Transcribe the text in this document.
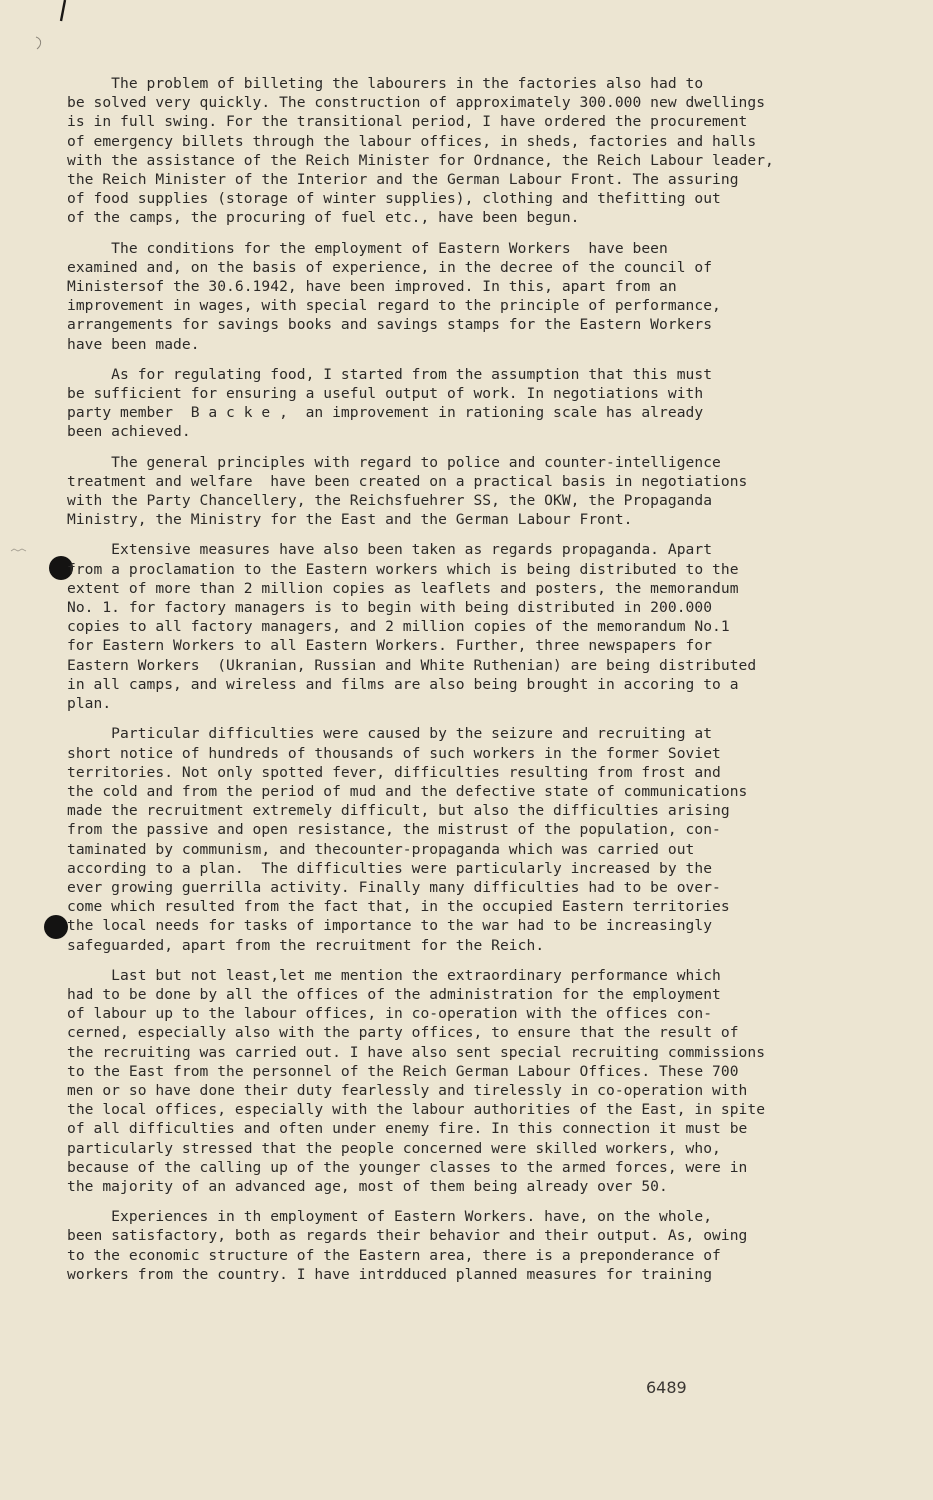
The problem of billeting the labourers in the factories also had to
be solved very quickly. The construction of approximately 300.000 new dwellings
is in full swing. For the transitional period, I have ordered the procurement
of emergency billets through the labour offices, in sheds, factories and halls
with the assistance of the Reich Minister for Ordnance, the Reich Labour leader,
the Reich Minister of the Interior and the German Labour Front. The assuring
of food supplies (storage of winter supplies), clothing and thefitting out
of the camps, the procuring of fuel etc., have been begun.
The conditions for the employment of Eastern Workers  have been
examined and, on the basis of experience, in the decree of the council of
Ministersof the 30.6.1942, have been improved. In this, apart from an
improvement in wages, with special regard to the principle of performance,
arrangements for savings books and savings stamps for the Eastern Workers
have been made.
As for regulating food, I started from the assumption that this must
be sufficient for ensuring a useful output of work. In negotiations with
party member  B a c k e ,  an improvement in rationing scale has already
been achieved.
The general principles with regard to police and counter-intelligence
treatment and welfare  have been created on a practical basis in negotiations
with the Party Chancellery, the Reichsfuehrer SS, the OKW, the Propaganda
Ministry, the Ministry for the East and the German Labour Front.
Extensive measures have also been taken as regards propaganda. Apart
from a proclamation to the Eastern workers which is being distributed to the
extent of more than 2 million copies as leaflets and posters, the memorandum
No. 1. for factory managers is to begin with being distributed in 200.000
copies to all factory managers, and 2 million copies of the memorandum No.1
for Eastern Workers to all Eastern Workers. Further, three newspapers for
Eastern Workers  (Ukranian, Russian and White Ruthenian) are being distributed
in all camps, and wireless and films are also being brought in accoring to a
plan.
Particular difficulties were caused by the seizure and recruiting at
short notice of hundreds of thousands of such workers in the former Soviet
territories. Not only spotted fever, difficulties resulting from frost and
the cold and from the period of mud and the defective state of communications
made the recruitment extremely difficult, but also the difficulties arising
from the passive and open resistance, the mistrust of the population, con-
taminated by communism, and thecounter-propaganda which was carried out
according to a plan.  The difficulties were particularly increased by the
ever growing guerrilla activity. Finally many difficulties had to be over-
come which resulted from the fact that, in the occupied Eastern territories
the local needs for tasks of importance to the war had to be increasingly
safeguarded, apart from the recruitment for the Reich.
Last but not least,let me mention the extraordinary performance which
had to be done by all the offices of the administration for the employment
of labour up to the labour offices, in co-operation with the offices con-
cerned, especially also with the party offices, to ensure that the result of
the recruiting was carried out. I have also sent special recruiting commissions
to the East from the personnel of the Reich German Labour Offices. These 700
men or so have done their duty fearlessly and tirelessly in co-operation with
the local offices, especially with the labour authorities of the East, in spite
of all difficulties and often under enemy fire. In this connection it must be
particularly stressed that the people concerned were skilled workers, who,
because of the calling up of the younger classes to the armed forces, were in
the majority of an advanced age, most of them being already over 50.
Experiences in th employment of Eastern Workers. have, on the whole,
been satisfactory, both as regards their behavior and their output. As, owing
to the economic structure of the Eastern area, there is a preponderance of
workers from the country. I have intrdduced planned measures for training
6489
